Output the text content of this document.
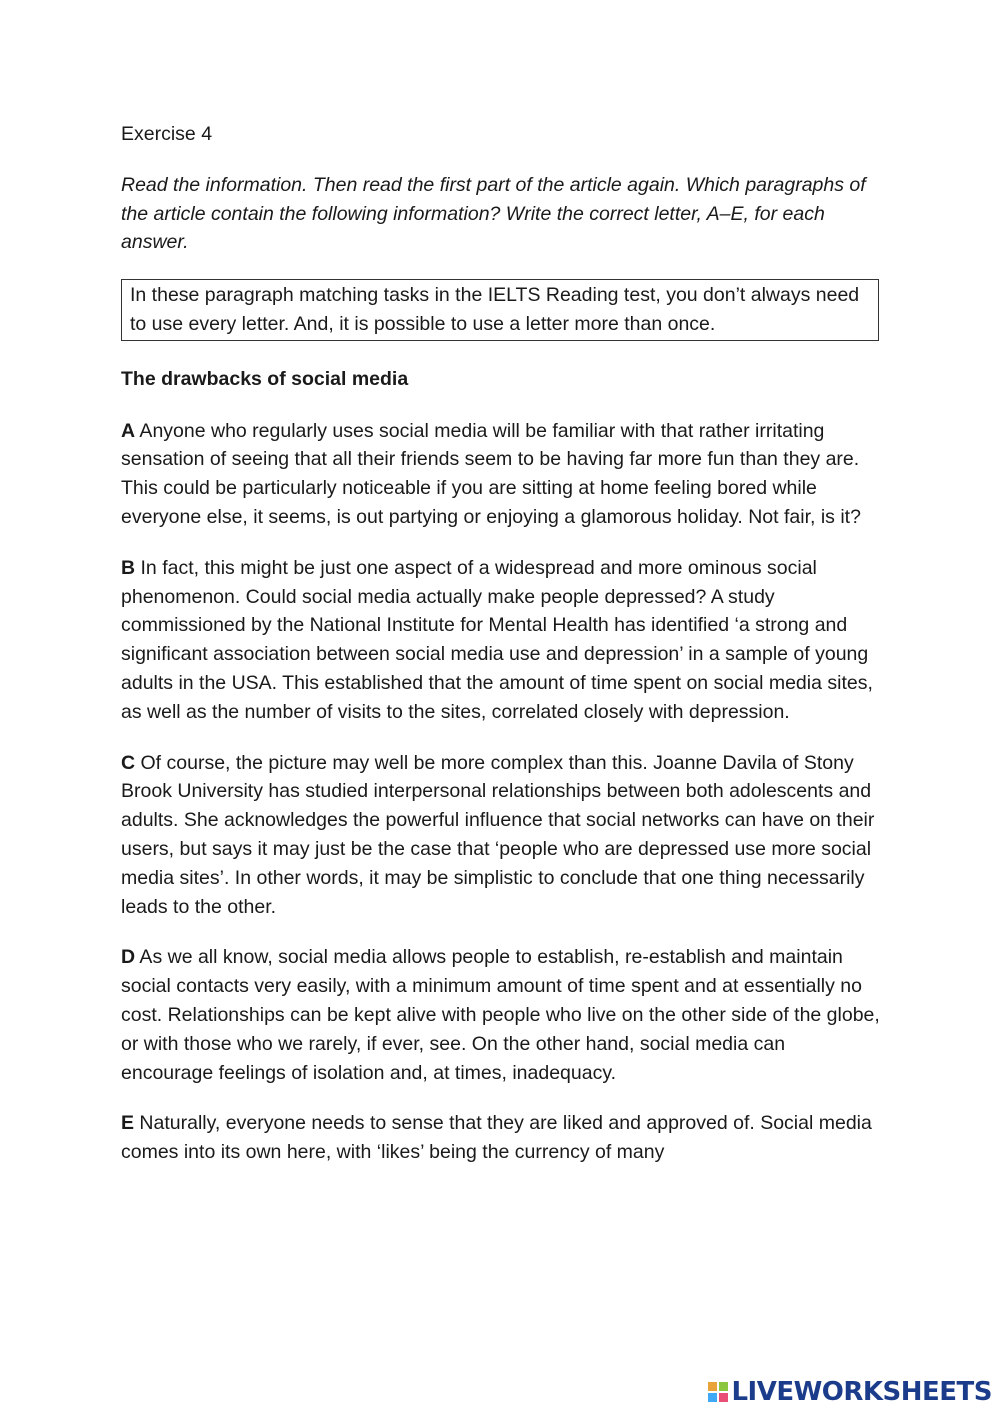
Exercise 4

Read the information. Then read the first part of the article again. Which paragraphs of the article contain the following information? Write the correct letter, A–E, for each answer.

In these paragraph matching tasks in the IELTS Reading test, you don’t always need to use every letter. And, it is possible to use a letter more than once.

The drawbacks of social media

A Anyone who regularly uses social media will be familiar with that rather irritating sensation of seeing that all their friends seem to be having far more fun than they are. This could be particularly noticeable if you are sitting at home feeling bored while everyone else, it seems, is out partying or enjoying a glamorous holiday. Not fair, is it?

B In fact, this might be just one aspect of a widespread and more ominous social phenomenon. Could social media actually make people depressed? A study commissioned by the National Institute for Mental Health has identified ‘a strong and significant association between social media use and depression’ in a sample of young adults in the USA. This established that the amount of time spent on social media sites, as well as the number of visits to the sites, correlated closely with depression.

C Of course, the picture may well be more complex than this. Joanne Davila of Stony Brook University has studied interpersonal relationships between both adolescents and adults. She acknowledges the powerful influence that social networks can have on their users, but says it may just be the case that ‘people who are depressed use more social media sites’. In other words, it may be simplistic to conclude that one thing necessarily leads to the other.

D As we all know, social media allows people to establish, re-establish and maintain social contacts very easily, with a minimum amount of time spent and at essentially no cost. Relationships can be kept alive with people who live on the other side of the globe, or with those who we rarely, if ever, see. On the other hand, social media can encourage feelings of isolation and, at times, inadequacy.

E Naturally, everyone needs to sense that they are liked and approved of. Social media comes into its own here, with ‘likes’ being the currency of many

LIVEWORKSHEETS
